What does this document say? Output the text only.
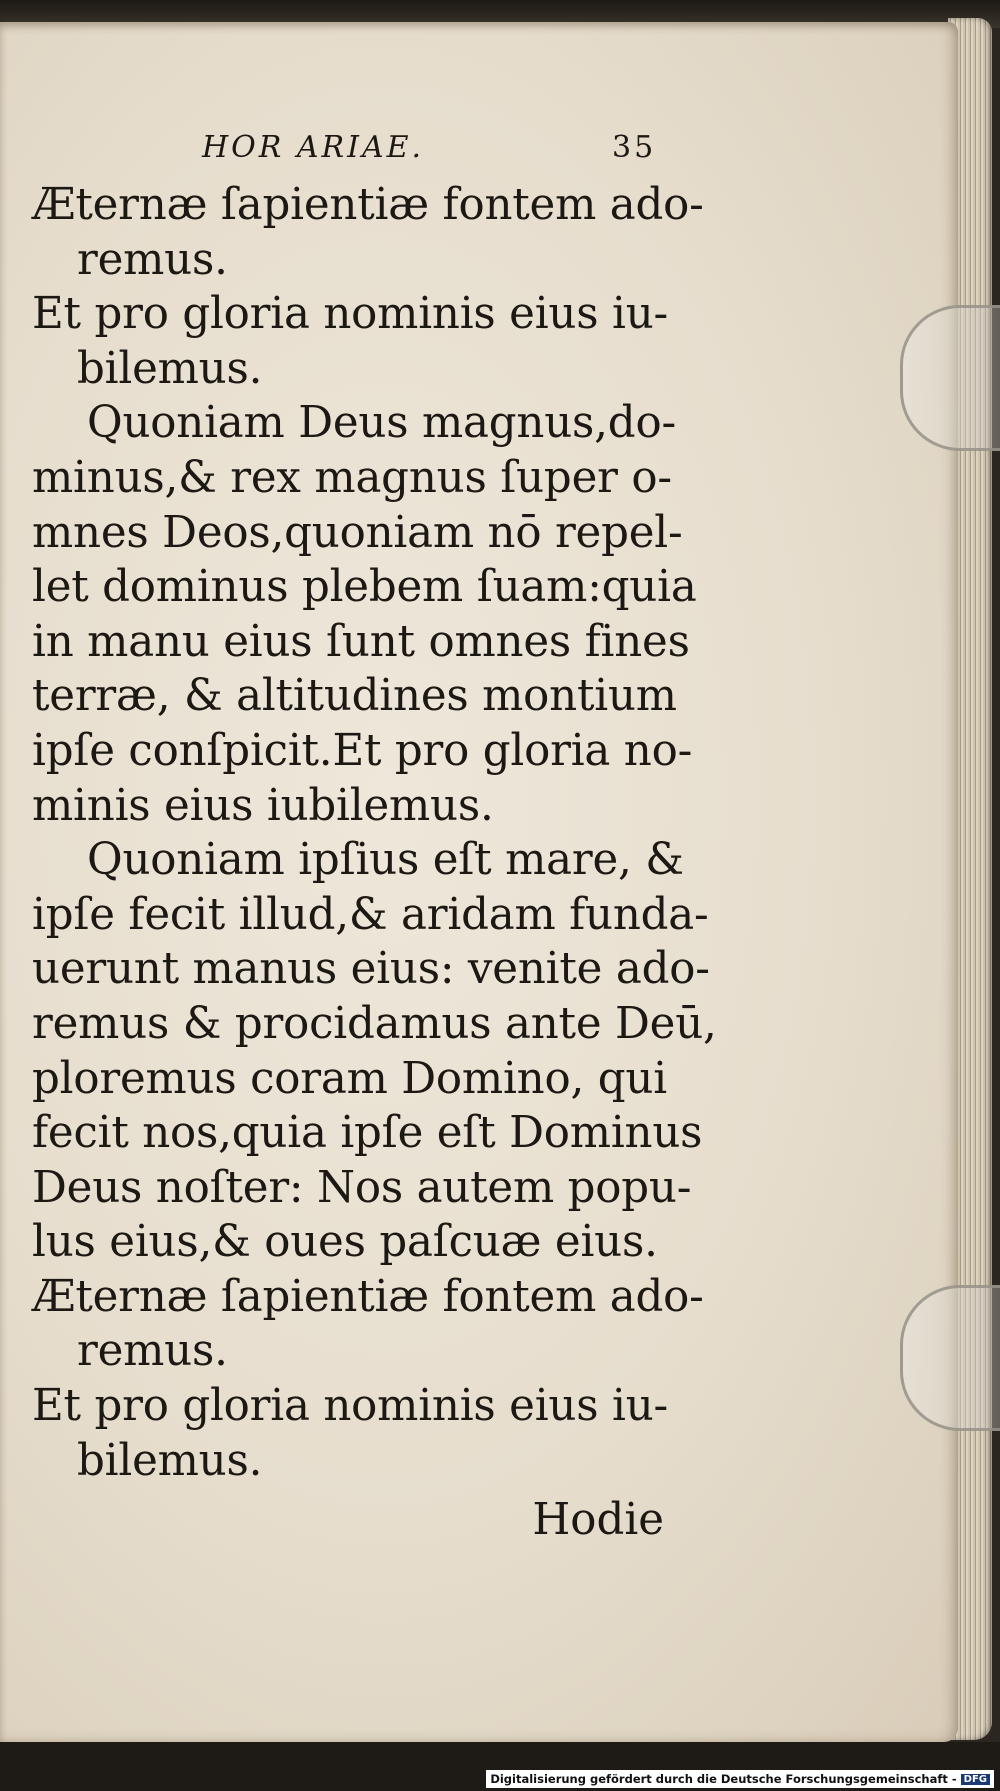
HOR ARIAE.	35
Æternæ ſapientiæ fontem ado-
remus.
Et pro gloria nominis eius iu-
bilemus.
Quoniam Deus magnus,do-
minus,& rex magnus ſuper o-
mnes Deos,quoniam nō repel-
let dominus plebem ſuam:quia
in manu eius ſunt omnes fines
terræ, & altitudines montium
ipſe conſpicit.Et pro gloria no-
minis eius iubilemus.
Quoniam ipſius eſt mare, &
ipſe fecit illud,& aridam funda-
uerunt manus eius: venite ado-
remus & procidamus ante Deū,
ploremus coram Domino, qui
fecit nos,quia ipſe eſt Dominus
Deus noſter: Nos autem popu-
lus eius,& oues paſcuæ eius.
Æternæ ſapientiæ fontem ado-
remus.
Et pro gloria nominis eius iu-
bilemus.
Hodie
Digitalisierung gefördert durch die Deutsche Forschungsgemeinschaft - DFG
